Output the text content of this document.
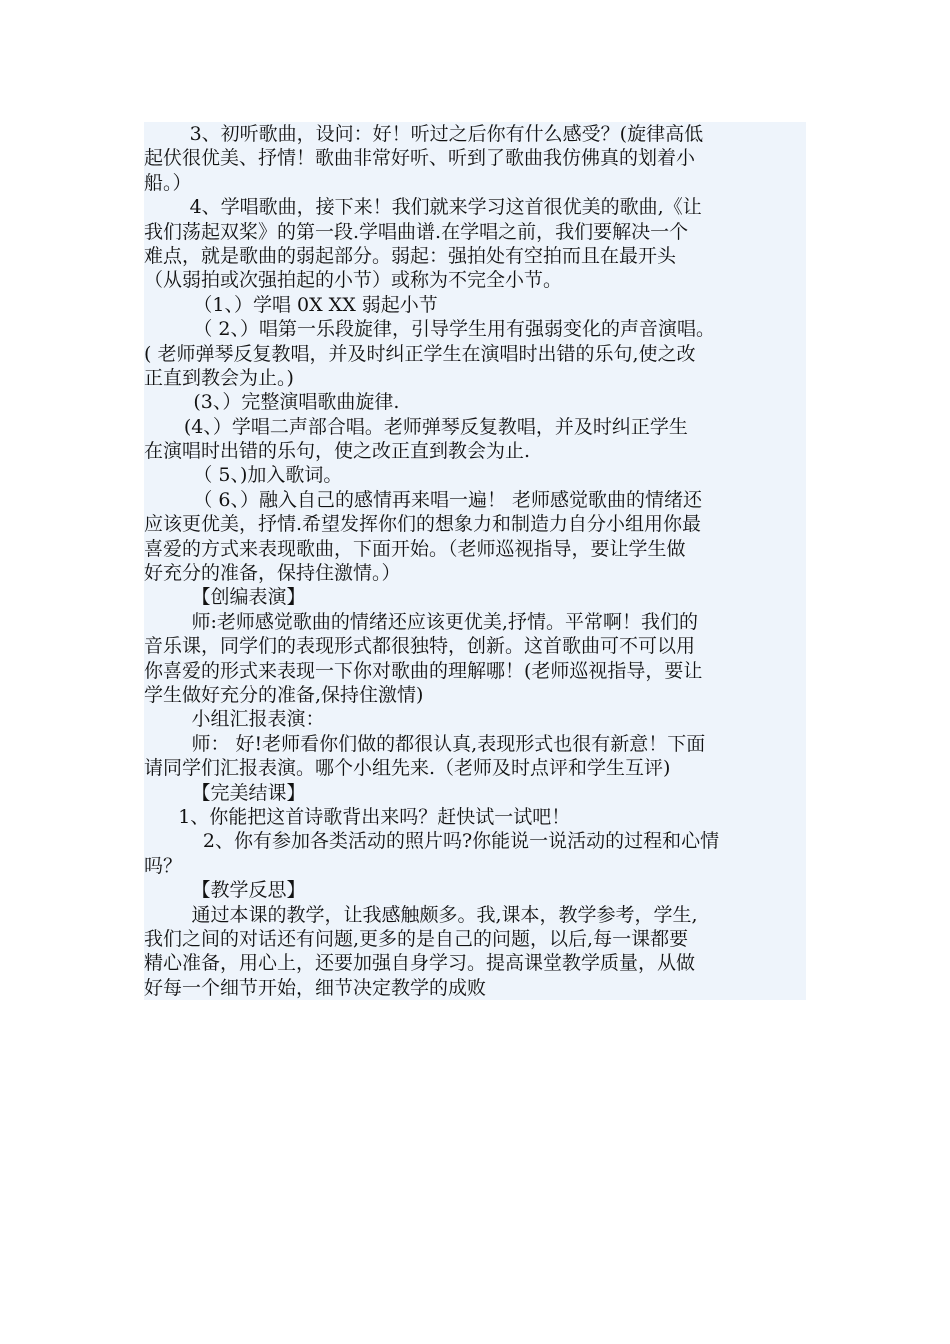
3、初听歌曲，设问：好！听过之后你有什么感受？(旋律高低
起伏很优美、抒情！歌曲非常好听、听到了歌曲我仿佛真的划着小
船。）
4、学唱歌曲，接下来！我们就来学习这首很优美的歌曲,《让
我们荡起双桨》的第一段.学唱曲谱.在学唱之前，我们要解决一个
难点，就是歌曲的弱起部分。弱起：强拍处有空拍而且在最开头
（从弱拍或次强拍起的小节）或称为不完全小节。
（1、）学唱 0X XX 弱起小节
（ 2、）唱第一乐段旋律，引导学生用有强弱变化的声音演唱。
( 老师弹琴反复教唱，并及时纠正学生在演唱时出错的乐句,使之改
正直到教会为止。)
(3、）完整演唱歌曲旋律.
(4、）学唱二声部合唱。老师弹琴反复教唱，并及时纠正学生
在演唱时出错的乐句，使之改正直到教会为止.
（ 5、)加入歌词。
（ 6、）融入自己的感情再来唱一遍！ 老师感觉歌曲的情绪还
应该更优美，抒情.希望发挥你们的想象力和制造力自分小组用你最
喜爱的方式来表现歌曲，下面开始。（老师巡视指导，要让学生做
好充分的准备，保持住激情。）
【创编表演】
师:老师感觉歌曲的情绪还应该更优美,抒情。平常啊！我们的
音乐课，同学们的表现形式都很独特，创新。这首歌曲可不可以用
你喜爱的形式来表现一下你对歌曲的理解哪！(老师巡视指导，要让
学生做好充分的准备,保持住激情)
小组汇报表演：
师： 好!老师看你们做的都很认真,表现形式也很有新意！下面
请同学们汇报表演。哪个小组先来.（老师及时点评和学生互评)
【完美结课】
1、你能把这首诗歌背出来吗？赶快试一试吧！
2、你有参加各类活动的照片吗?你能说一说活动的过程和心情
吗？
【教学反思】
通过本课的教学，让我感触颇多。我,课本，教学参考，学生,
我们之间的对话还有问题,更多的是自己的问题，以后,每一课都要
精心准备，用心上，还要加强自身学习。提高课堂教学质量，从做
好每一个细节开始，细节决定教学的成败
